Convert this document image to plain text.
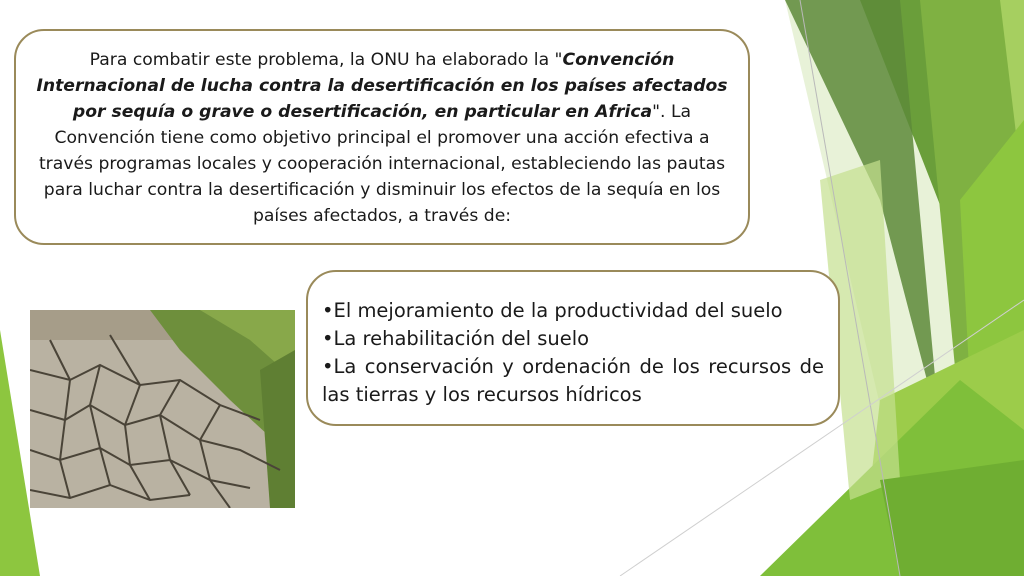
Para combatir este problema, la ONU ha elaborado la "Convención Internacional de lucha contra la desertificación en los países afectados por sequía o grave o desertificación, en particular en Africa". La Convención tiene como objetivo principal el promover una acción efectiva a través programas locales y cooperación internacional, estableciendo las pautas para luchar contra la desertificación y disminuir los efectos de la sequía en los países afectados, a través de:
•El mejoramiento de la productividad del suelo
•La rehabilitación del suelo
•La conservación y ordenación de los recursos de las tierras y los recursos hídricos
